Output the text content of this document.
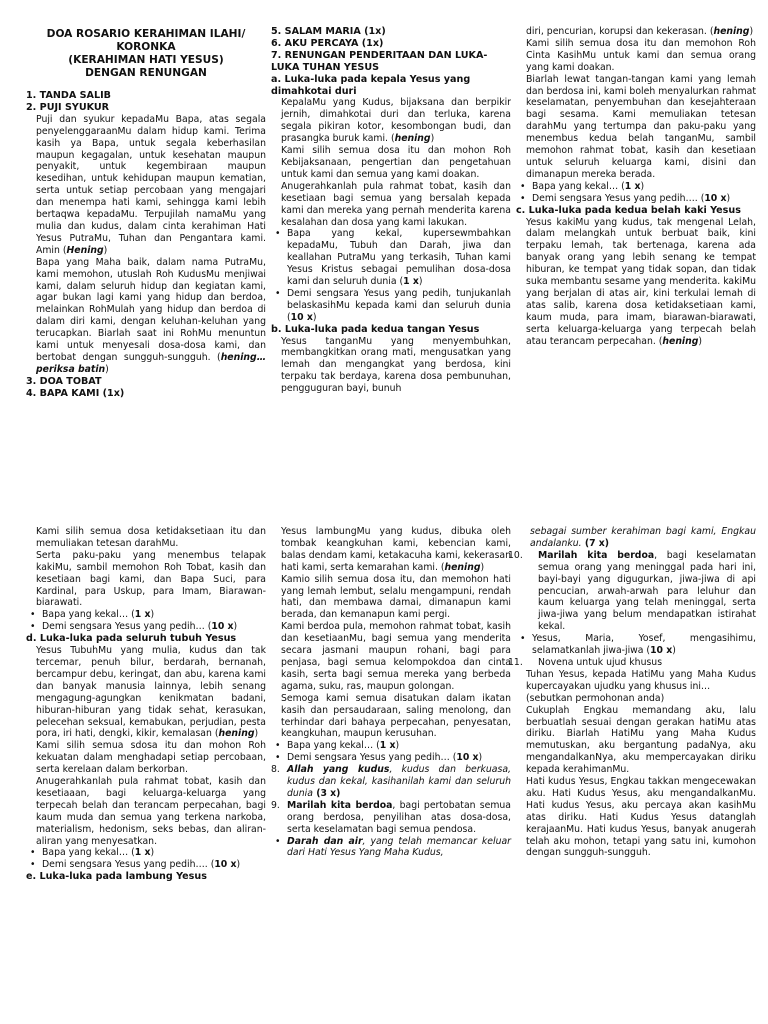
DOA ROSARIO KERAHIMAN ILAHI/
KORONKA
(KERAHIMAN HATI YESUS)
DENGAN RENUNGAN
1. TANDA SALIB
2. PUJI SYUKUR

Puji dan syukur kepadaMu Bapa, atas segala penyelenggaraanMu dalam hidup kami. Terima kasih ya Bapa, untuk segala keberhasilan maupun kegagalan, untuk kesehatan maupun penyakit, untuk kegembiraan maupun kesedihan, untuk kehidupan maupun kematian, serta untuk setiap percobaan yang mengajari dan menempa hati kami, sehingga kami lebih bertaqwa kepadaMu. Terpujilah namaMu yang mulia dan kudus, dalam cinta kerahiman Hati Yesus PutraMu, Tuhan dan Pengantara kami. Amin (Hening)

Bapa yang Maha baik, dalam nama PutraMu, kami memohon, utuslah Roh KudusMu menjiwai kami, dalam seluruh hidup dan kegiatan kami, agar bukan lagi kami yang hidup dan berdoa, melainkan RohMulah yang hidup dan berdoa di dalam diri kami, dengan keluhan-keluhan yang terucapkan. Biarlah saat ini RohMu menuntun kami untuk menyesali dosa-dosa kami, dan bertobat dengan sungguh-sungguh. (hening… periksa batin)

3. DOA TOBAT
4. BAPA KAMI (1x)
5. SALAM MARIA (1x)
6. AKU PERCAYA (1x)
7. RENUNGAN PENDERITAAN DAN LUKA-LUKA TUHAN YESUS
a. Luka-luka pada kepala Yesus yang dimahkotai duri

KepalaMu yang Kudus, bijaksana dan berpikir jernih, dimahkotai duri dan terluka, karena segala pikiran kotor, kesombongan budi, dan prasangka buruk kami. (hening)

Kami silih semua dosa itu dan mohon Roh Kebijaksanaan, pengertian dan pengetahuan untuk kami dan semua yang kami doakan.

Anugerahkanlah pula rahmat tobat, kasih dan kesetiaan bagi semua yang bersalah kepada kami dan mereka yang pernah menderita karena kesalahan dan dosa yang kami lakukan.

• Bapa yang kekal, kupersewmbahkan kepadaMu, Tubuh dan Darah, jiwa dan keallahan PutraMu yang terkasih, Tuhan kami Yesus Kristus sebagai pemulihan dosa-dosa kami dan seluruh dunia (1 x)

• Demi sengsara Yesus yang pedih, tunjukanlah belaskasihMu kepada kami dan seluruh dunia (10 x)

b. Luka-luka pada kedua tangan Yesus

Yesus tanganMu yang menyembuhkan, membangkitkan orang mati, mengusatkan yang lemah dan mengangkat yang berdosa, kini terpaku tak berdaya, karena dosa pembunuhan, pengguguran bayi, bunuh

diri, pencurian, korupsi dan kekerasan. (hening)

Kami silih semua dosa itu dan memohon Roh Cinta KasihMu untuk kami dan semua orang yang kami doakan.

Biarlah lewat tangan-tangan kami yang lemah dan berdosa ini, kami boleh menyalurkan rahmat keselamatan, penyembuhan dan kesejahteraan bagi sesama. Kami memuliakan tetesan darahMu yang tertumpa dan paku-paku yang menembus kedua belah tanganMu, sambil memohon rahmat tobat, kasih dan kesetiaan untuk seluruh keluarga kami, disini dan dimanapun mereka berada.

• Bapa yang kekal… (1 x)

• Demi sengsara Yesus yang pedih…. (10 x)

c. Luka-luka pada kedua belah kaki Yesus

Yesus kakiMu yang kudus, tak mengenal Lelah, dalam melangkah untuk berbuat baik, kini terpaku lemah, tak bertenaga, karena ada banyak orang yang lebih senang ke tempat hiburan, ke tempat yang tidak sopan, dan tidak suka membantu sesame yang menderita. kakiMu yang berjalan di atas air, kini terkulai lemah di atas salib, karena dosa ketidaksetiaan kami, kaum muda, para imam, biarawan-biarawati, serta keluarga-keluarga yang terpecah belah atau terancam perpecahan. (hening)

Kami silih semua dosa ketidaksetiaan itu dan memuliakan tetesan darahMu.

Serta paku-paku yang menembus telapak kakiMu, sambil memohon Roh Tobat, kasih dan kesetiaan bagi kami, dan Bapa Suci, para Kardinal, para Uskup, para Imam, Biarawan-biarawati.

• Bapa yang kekal… (1 x)

• Demi sengsara Yesus yang pedih… (10 x)

d. Luka-luka pada seluruh tubuh Yesus

Yesus TubuhMu yang mulia, kudus dan tak tercemar, penuh bilur, berdarah, bernanah, bercampur debu, keringat, dan abu, karena kami dan banyak manusia lainnya, lebih senang mengagung-agungkan kenikmatan badani, hiburan-hiburan yang tidak sehat, kerasukan, pelecehan seksual, kemabukan, perjudian, pesta pora, iri hati, dengki, kikir, kemalasan (hening)

Kami silih semua sdosa itu dan mohon Roh kekuatan dalam menghadapi setiap percobaan, serta kerelaan dalam berkorban.

Anugerahkanlah pula rahmat tobat, kasih dan kesetiaaan, bagi keluarga-keluarga yang terpecah belah dan terancam perpecahan, bagi kaum muda dan semua yang terkena narkoba, materialism, hedonism, seks bebas, dan aliran-aliran yang menyesatkan.

• Bapa yang kekal… (1 x)

• Demi sengsara Yesus yang pedih…. (10 x)

e. Luka-luka pada lambung Yesus

Yesus lambungMu yang kudus, dibuka oleh tombak keangkuhan kami, kebencian kami, balas dendam kami, ketakacuha kami, kekerasan hati kami, serta kemarahan kami. (hening)

Kamio silih semua dosa itu, dan memohon hati yang lemah lembut, selalu mengampuni, rendah hati, dan membawa damai, dimanapun kami berada, dan kemanapun kami pergi.

Kami berdoa pula, memohon rahmat tobat, kasih dan kesetiaanMu, bagi semua yang menderita secara jasmani maupun rohani, bagi para penjasa, bagi semua kelompokdoa dan cinta kasih, serta bagi semua mereka yang berbeda agama, suku, ras, maupun golongan.

Semoga kami semua disatukan dalam ikatan kasih dan persaudaraan, saling menolong, dan terhindar dari bahaya perpecahan, penyesatan, keangkuhan, maupun kerusuhan.

• Bapa yang kekal… (1 x)

• Demi sengsara Yesus yang pedih… (10 x)

8. Allah yang kudus, kudus dan berkuasa, kudus dan kekal, kasihanilah kami dan seluruh dunia (3 x)

9. Marilah kita berdoa, bagi pertobatan semua orang berdosa, penyilihan atas dosa-dosa, serta keselamatan bagi semua pendosa.

• Darah dan air, yang telah memancar keluar dari Hati Yesus Yang Maha Kudus,

sebagai sumber kerahiman bagi kami, Engkau andalanku. (7 x)

10. Marilah kita berdoa, bagi keselamatan semua orang yang meninggal pada hari ini, bayi-bayi yang digugurkan, jiwa-jiwa di api pencucian, arwah-arwah para leluhur dan kaum keluarga yang telah meninggal, serta jiwa-jiwa yang belum mendapatkan istirahat kekal.

• Yesus, Maria, Yosef, mengasihimu, selamatkanlah jiwa-jiwa (10 x)

11. Novena untuk ujud khusus

Tuhan Yesus, kepada HatiMu yang Maha Kudus kupercayakan ujudku yang khusus ini…

(sebutkan permohonan anda)

Cukuplah Engkau memandang aku, lalu berbuatlah sesuai dengan gerakan hatiMu atas diriku. Biarlah HatiMu yang Maha Kudus memutuskan, aku bergantung padaNya, aku mengandalkanNya, aku mempercayakan diriku kepada kerahimanMu.

Hati kudus Yesus, Engkau takkan mengecewakan aku. Hati Kudus Yesus, aku mengandalkanMu. Hati kudus Yesus, aku percaya akan kasihMu atas diriku. Hati Kudus Yesus datanglah kerajaanMu. Hati kudus Yesus, banyak anugerah telah aku mohon, tetapi yang satu ini, kumohon dengan sungguh-sungguh.
